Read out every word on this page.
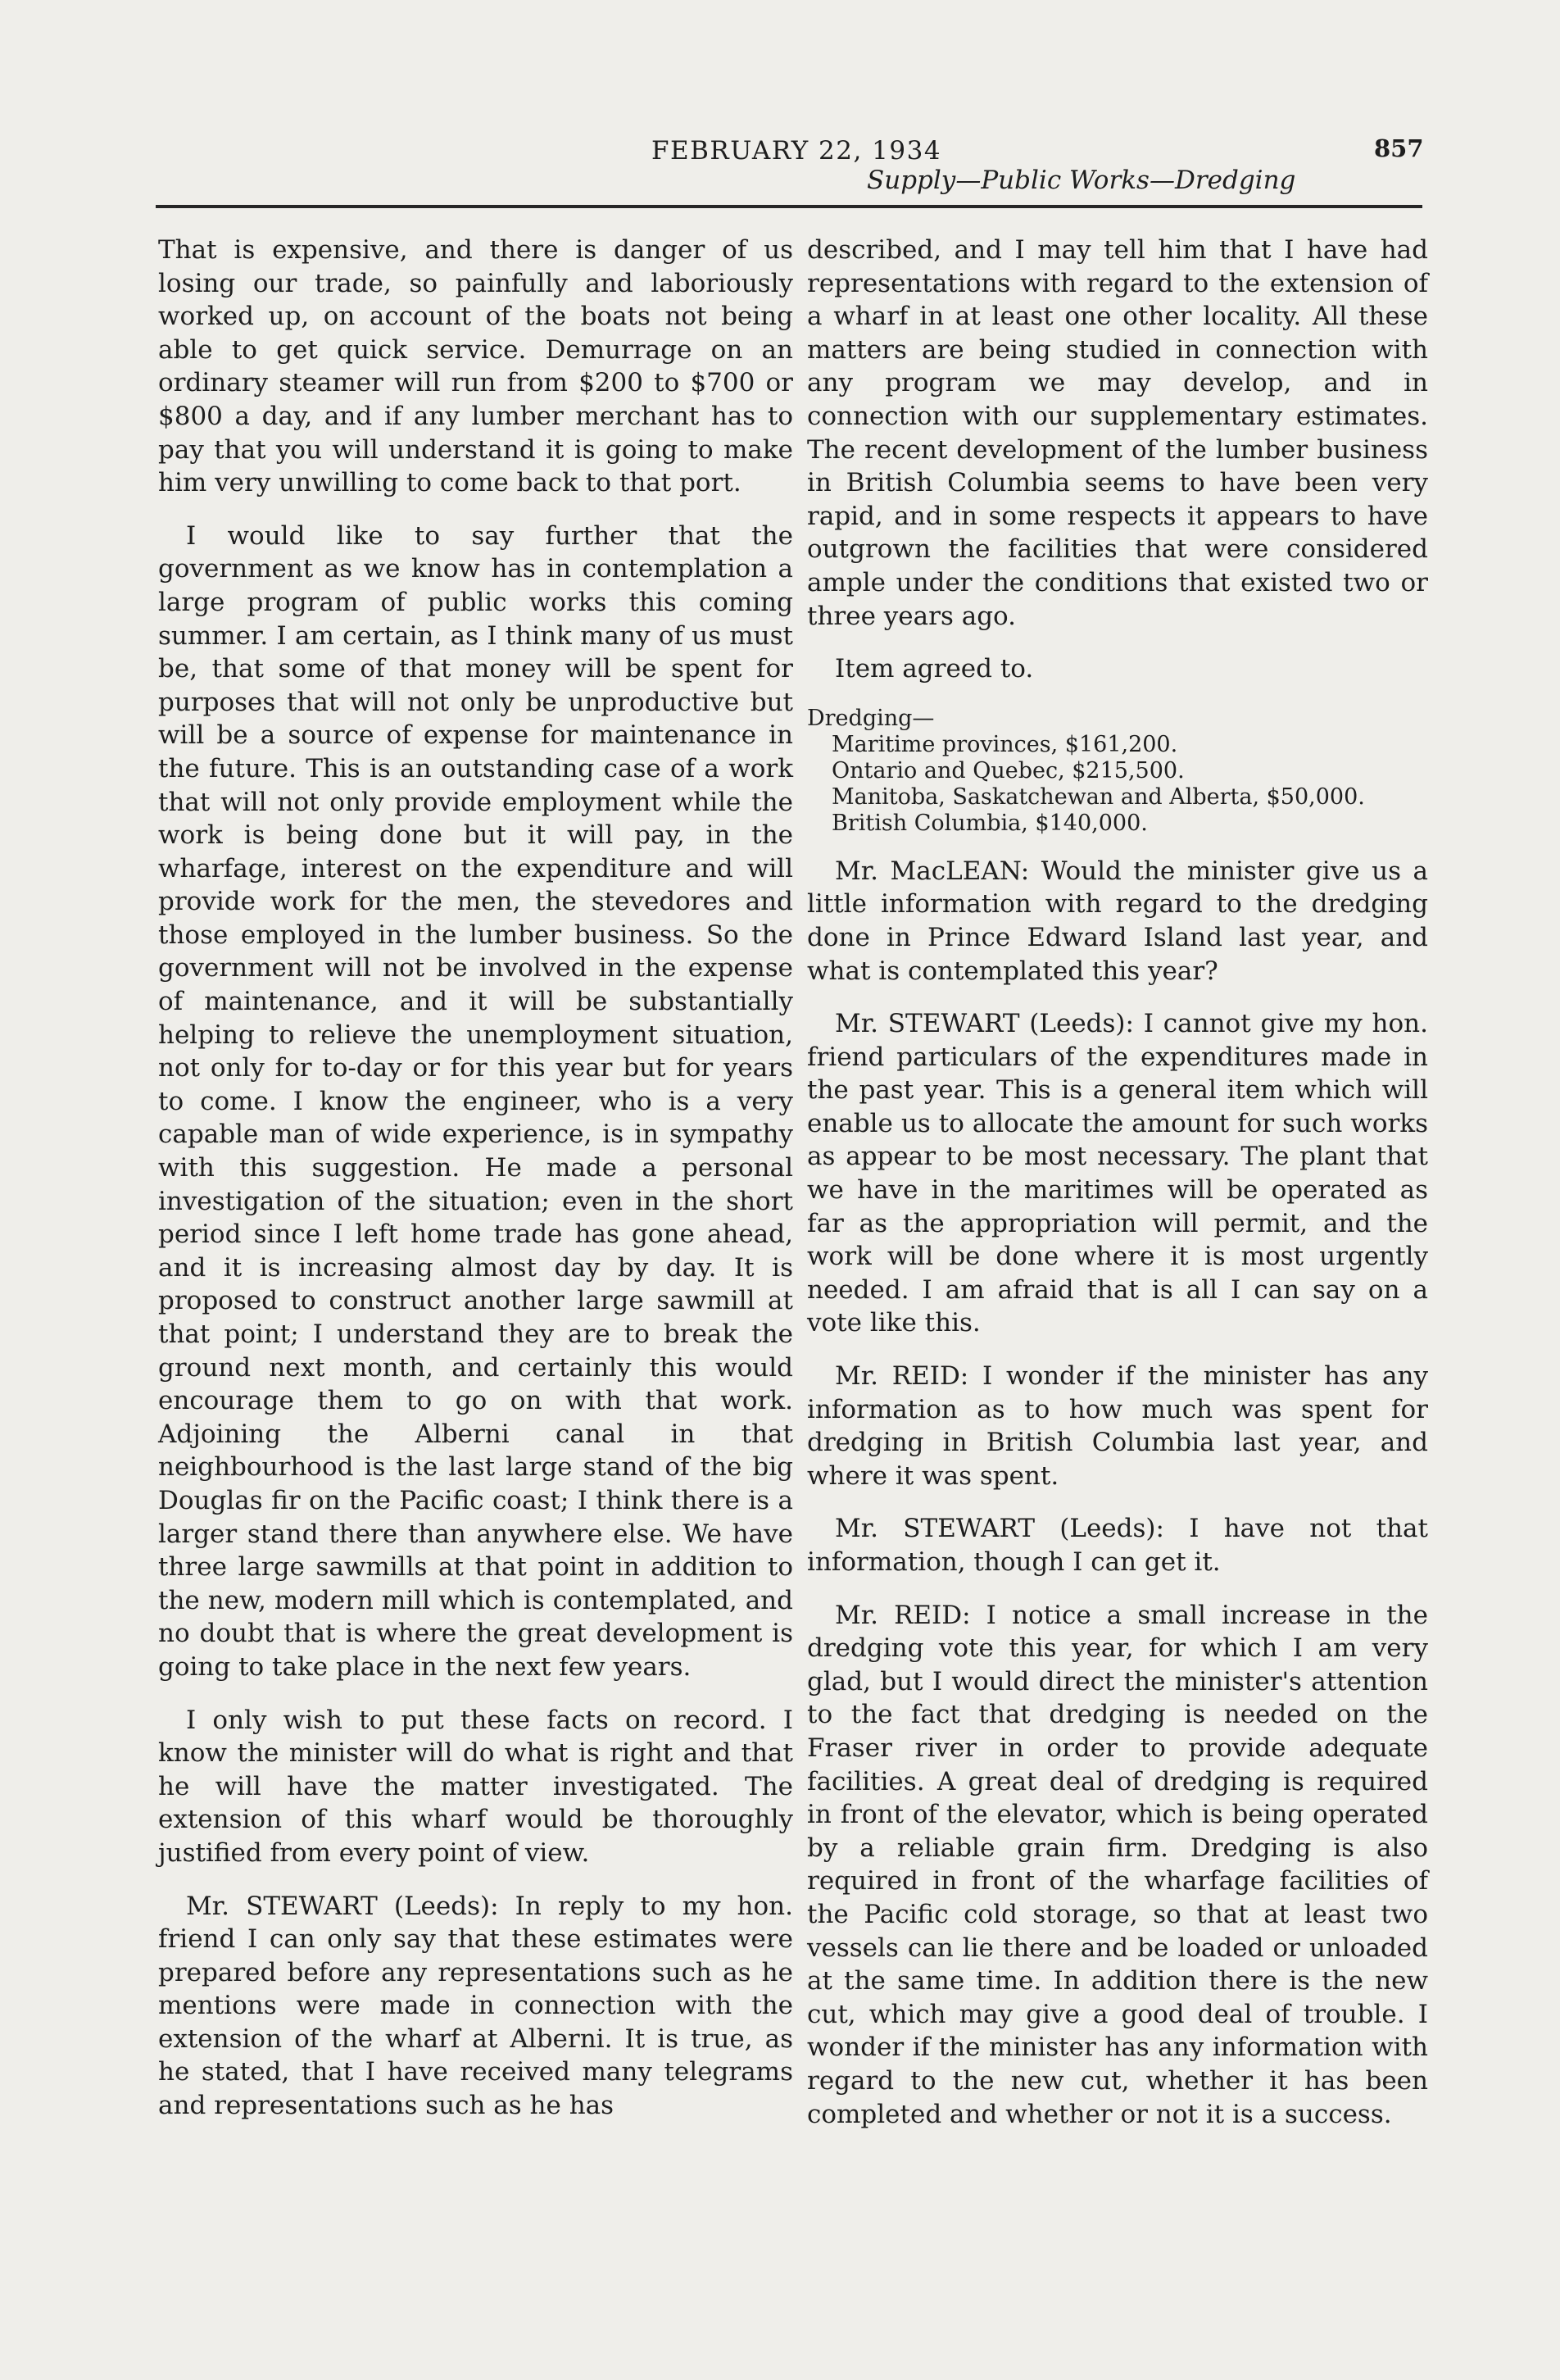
FEBRUARY 22, 1934	857
Supply—Public Works—Dredging

That is expensive, and there is danger of us losing our trade, so painfully and laboriously worked up, on account of the boats not being able to get quick service. Demurrage on an ordinary steamer will run from $200 to $700 or $800 a day, and if any lumber merchant has to pay that you will understand it is going to make him very unwilling to come back to that port.

I would like to say further that the government as we know has in contemplation a large program of public works this coming summer. I am certain, as I think many of us must be, that some of that money will be spent for purposes that will not only be unproductive but will be a source of expense for maintenance in the future. This is an outstanding case of a work that will not only provide employment while the work is being done but it will pay, in the wharfage, interest on the expenditure and will provide work for the men, the stevedores and those employed in the lumber business. So the government will not be involved in the expense of maintenance, and it will be substantially helping to relieve the unemployment situation, not only for to-day or for this year but for years to come. I know the engineer, who is a very capable man of wide experience, is in sympathy with this suggestion. He made a personal investigation of the situation; even in the short period since I left home trade has gone ahead, and it is increasing almost day by day. It is proposed to construct another large sawmill at that point; I understand they are to break the ground next month, and certainly this would encourage them to go on with that work. Adjoining the Alberni canal in that neighbourhood is the last large stand of the big Douglas fir on the Pacific coast; I think there is a larger stand there than anywhere else. We have three large sawmills at that point in addition to the new, modern mill which is contemplated, and no doubt that is where the great development is going to take place in the next few years.

I only wish to put these facts on record. I know the minister will do what is right and that he will have the matter investigated. The extension of this wharf would be thoroughly justified from every point of view.

Mr. STEWART (Leeds): In reply to my hon. friend I can only say that these estimates were prepared before any representations such as he mentions were made in connection with the extension of the wharf at Alberni. It is true, as he stated, that I have received many telegrams and representations such as he has

described, and I may tell him that I have had representations with regard to the extension of a wharf in at least one other locality. All these matters are being studied in connection with any program we may develop, and in connection with our supplementary estimates. The recent development of the lumber business in British Columbia seems to have been very rapid, and in some respects it appears to have outgrown the facilities that were considered ample under the conditions that existed two or three years ago.

Item agreed to.

Dredging—
Maritime provinces, $161,200.
Ontario and Quebec, $215,500.
Manitoba, Saskatchewan and Alberta, $50,000.
British Columbia, $140,000.

Mr. MacLEAN: Would the minister give us a little information with regard to the dredging done in Prince Edward Island last year, and what is contemplated this year?

Mr. STEWART (Leeds): I cannot give my hon. friend particulars of the expenditures made in the past year. This is a general item which will enable us to allocate the amount for such works as appear to be most necessary. The plant that we have in the maritimes will be operated as far as the appropriation will permit, and the work will be done where it is most urgently needed. I am afraid that is all I can say on a vote like this.

Mr. REID: I wonder if the minister has any information as to how much was spent for dredging in British Columbia last year, and where it was spent.

Mr. STEWART (Leeds): I have not that information, though I can get it.

Mr. REID: I notice a small increase in the dredging vote this year, for which I am very glad, but I would direct the minister's attention to the fact that dredging is needed on the Fraser river in order to provide adequate facilities. A great deal of dredging is required in front of the elevator, which is being operated by a reliable grain firm. Dredging is also required in front of the wharfage facilities of the Pacific cold storage, so that at least two vessels can lie there and be loaded or unloaded at the same time. In addition there is the new cut, which may give a good deal of trouble. I wonder if the minister has any information with regard to the new cut, whether it has been completed and whether or not it is a success.
